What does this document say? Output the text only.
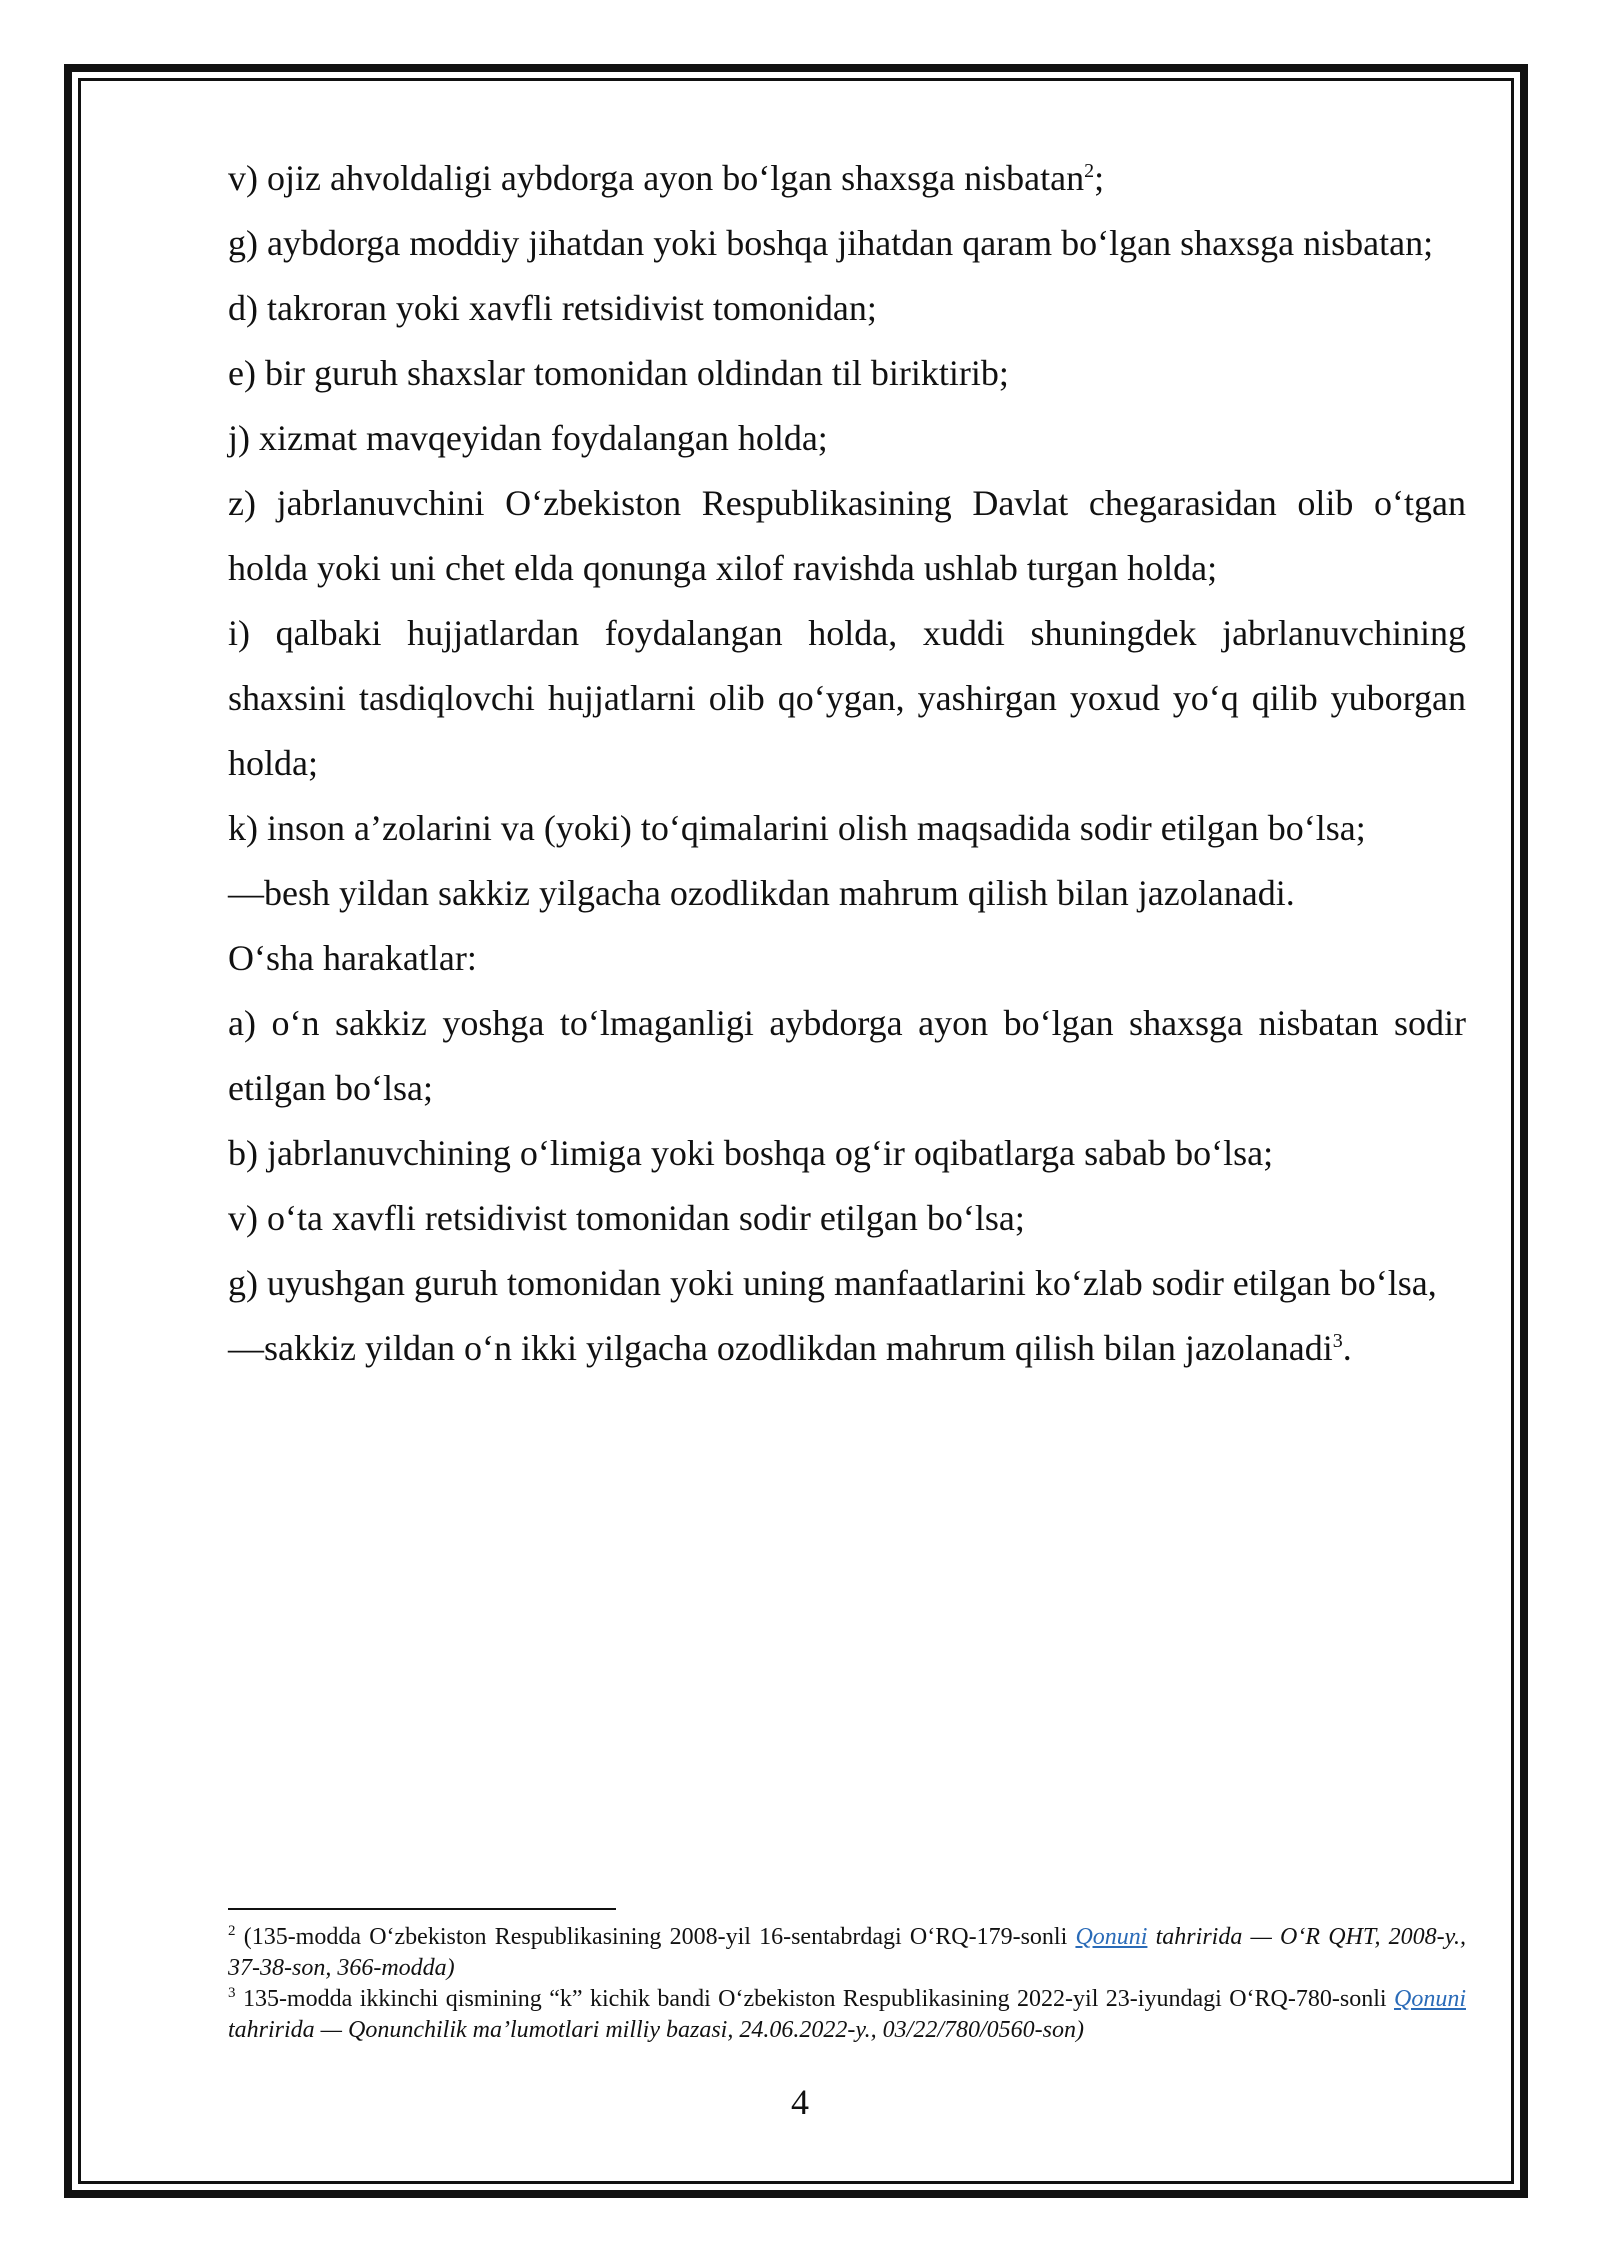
v) ojiz ahvoldaligi aybdorga ayon bo‘lgan shaxsga nisbatan$^2$;

g) aybdorga moddiy jihatdan yoki boshqa jihatdan qaram bo‘lgan shaxsga nisbatan;

d) takroran yoki xavfli retsidivist tomonidan;

e) bir guruh shaxslar tomonidan oldindan til biriktirib;

j) xizmat mavqeyidan foydalangan holda;

z) jabrlanuvchini O‘zbekiston Respublikasining Davlat chegarasidan olib o‘tgan holda yoki uni chet elda qonunga xilof ravishda ushlab turgan holda;

i) qalbaki hujjatlardan foydalangan holda, xuddi shuningdek jabrlanuvchining shaxsini tasdiqlovchi hujjatlarni olib qo‘ygan, yashirgan yoxud yo‘q qilib yuborgan holda;

k) inson a’zolarini va (yoki) to‘qimalarini olish maqsadida sodir etilgan bo‘lsa;

—besh yildan sakkiz yilgacha ozodlikdan mahrum qilish bilan jazolanadi.

O‘sha harakatlar:

a) o‘n sakkiz yoshga to‘lmaganligi aybdorga ayon bo‘lgan shaxsga nisbatan sodir etilgan bo‘lsa;

b) jabrlanuvchining o‘limiga yoki boshqa og‘ir oqibatlarga sabab bo‘lsa;

v) o‘ta xavfli retsidivist tomonidan sodir etilgan bo‘lsa;

g) uyushgan guruh tomonidan yoki uning manfaatlarini ko‘zlab sodir etilgan bo‘lsa,

—sakkiz yildan o‘n ikki yilgacha ozodlikdan mahrum qilish bilan jazolanadi$^3$.

$^2$ (135-modda O‘zbekiston Respublikasining 2008-yil 16-sentabrdagi O‘RQ-179-sonli Qonuni tahririda — O‘R QHT, 2008-y., 37-38-son, 366-modda)

$^3$ 135-modda ikkinchi qismining “k” kichik bandi O‘zbekiston Respublikasining 2022-yil 23-iyundagi O‘RQ-780-sonli Qonuni tahririda — Qonunchilik ma’lumotlari milliy bazasi, 24.06.2022-y., 03/22/780/0560-son)

4
